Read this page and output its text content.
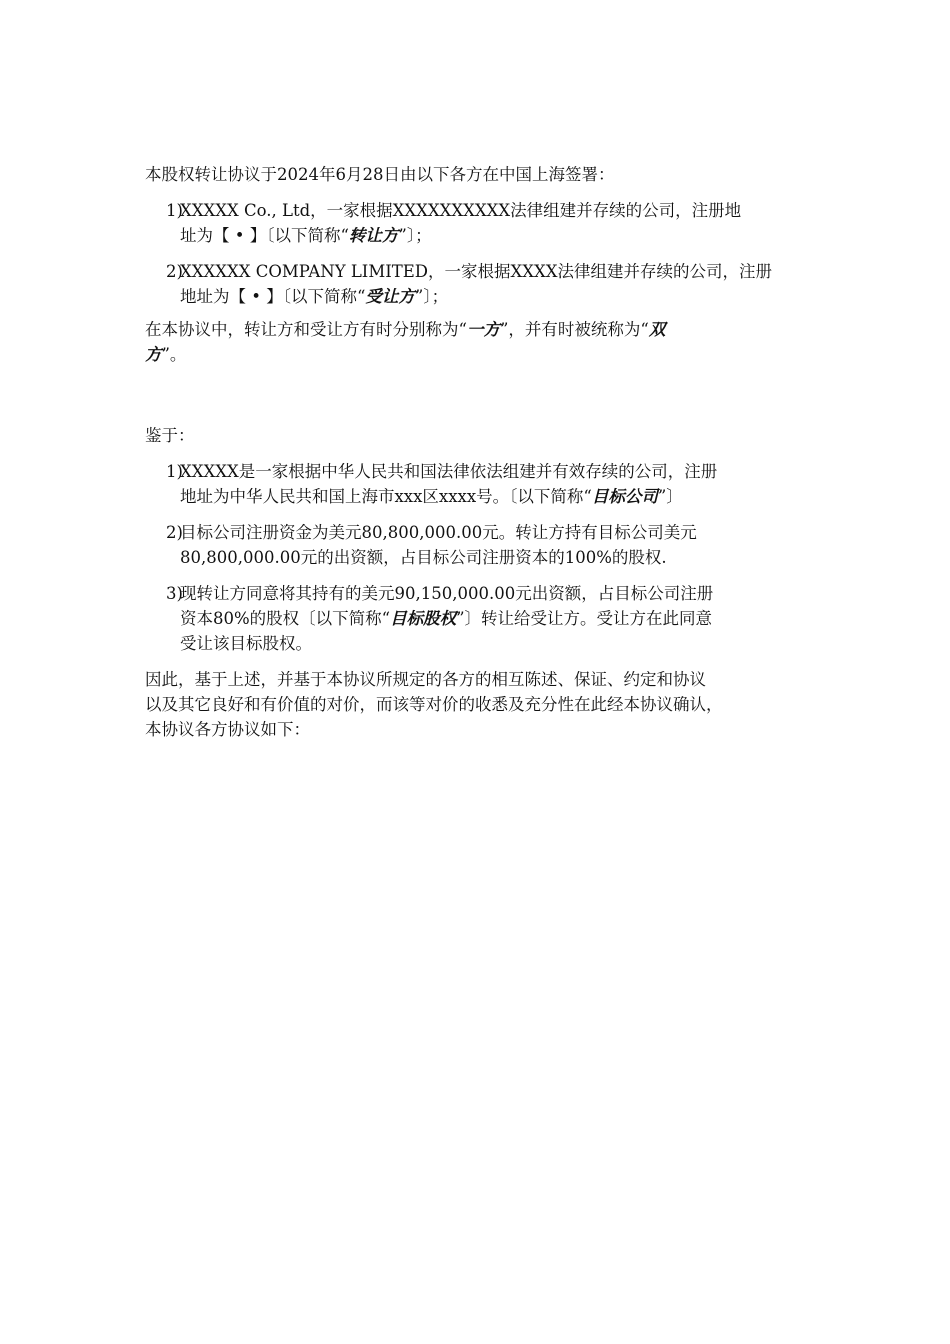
本股权转让协议于2024年6月28日由以下各方在中国上海签署：

1)
XXXXX Co., Ltd，一家根据XXXXXXXXXX法律组建并存续的公司，注册地
址为【 • 】〔以下简称“转让方”〕；
2)
XXXXXX COMPANY LIMITED，一家根据XXXX法律组建并存续的公司，注册
地址为【 • 】〔以下简称“受让方”〕；

在本协议中，转让方和受让方有时分别称为“一方”，并有时被统称为“双
方”。

鉴于：

1)
XXXXX是一家根据中华人民共和国法律依法组建并有效存续的公司，注册
地址为中华人民共和国上海市xxx区xxxx号。〔以下简称“目标公司”〕
2)
目标公司注册资金为美元80,800,000.00元。转让方持有目标公司美元
80,800,000.00元的出资额，占目标公司注册资本的100%的股权.
3)
现转让方同意将其持有的美元90,150,000.00元出资额，占目标公司注册
资本80%的股权〔以下简称“目标股权”〕转让给受让方。受让方在此同意
受让该目标股权。

因此，基于上述，并基于本协议所规定的各方的相互陈述、保证、约定和协议
以及其它良好和有价值的对价，而该等对价的收悉及充分性在此经本协议确认，
本协议各方协议如下：
